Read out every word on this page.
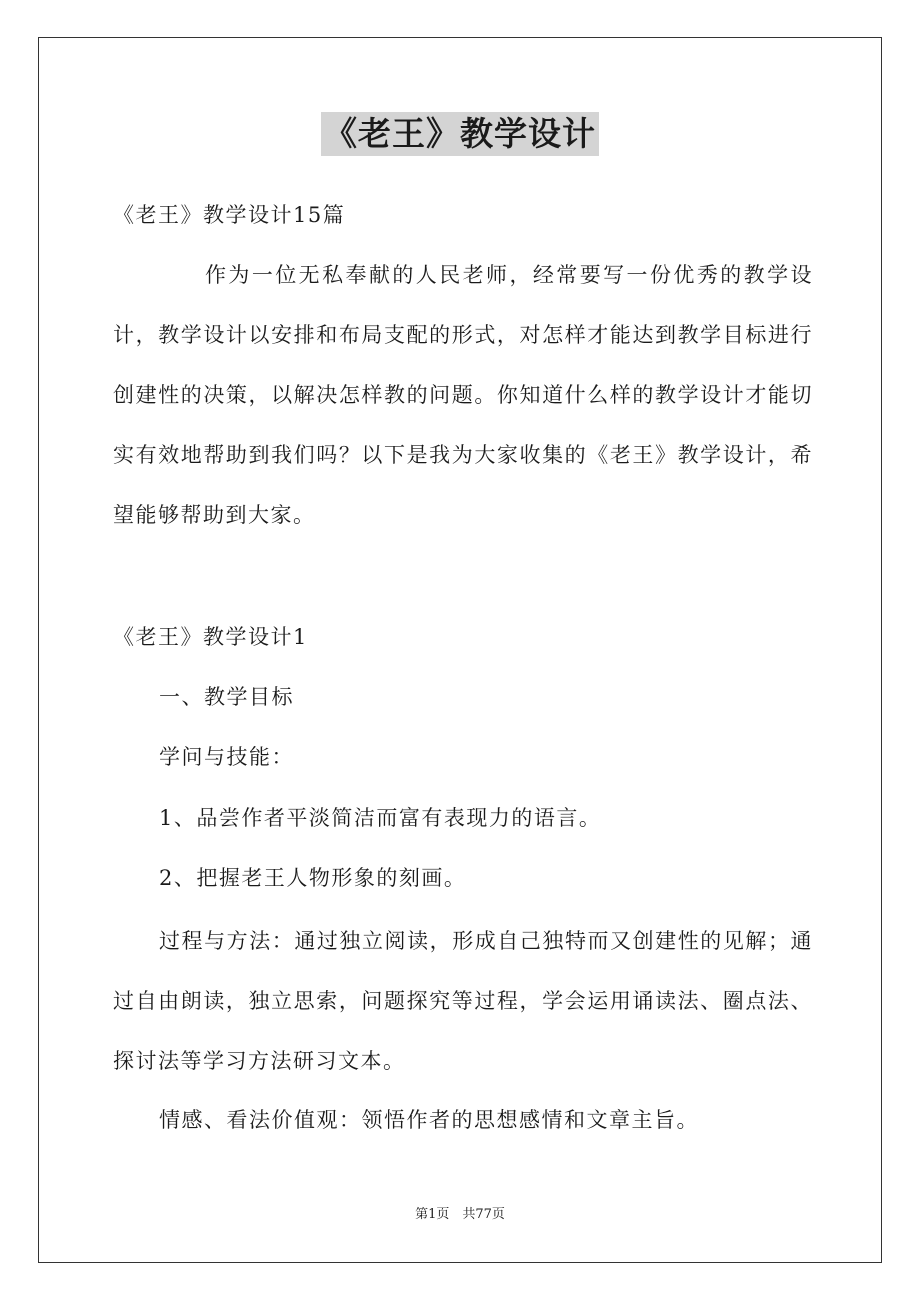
《老王》教学设计
《老王》教学设计15篇
作为一位无私奉献的人民老师，经常要写一份优秀的教学设计，教学设计以安排和布局支配的形式，对怎样才能达到教学目标进行创建性的决策，以解决怎样教的问题。你知道什么样的教学设计才能切实有效地帮助到我们吗？以下是我为大家收集的《老王》教学设计，希望能够帮助到大家。
《老王》教学设计1
一、教学目标
学问与技能：
1、品尝作者平淡简洁而富有表现力的语言。
2、把握老王人物形象的刻画。
过程与方法：通过独立阅读，形成自己独特而又创建性的见解；通过自由朗读，独立思索，问题探究等过程，学会运用诵读法、圈点法、探讨法等学习方法研习文本。
情感、看法价值观：领悟作者的思想感情和文章主旨。
第1页　共77页
